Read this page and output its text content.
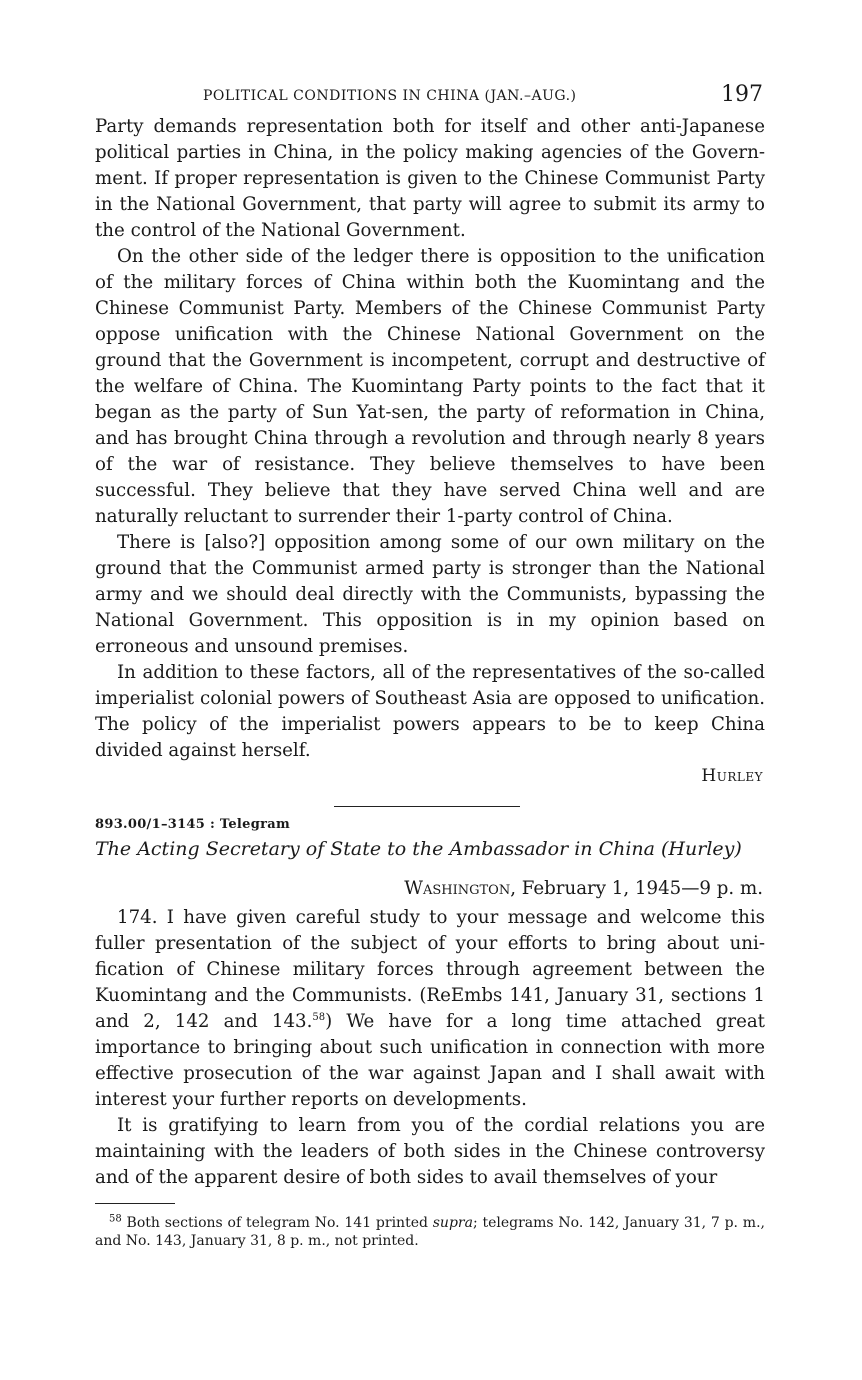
POLITICAL CONDITIONS IN CHINA (JAN.–AUG.)	197

Party demands representation both for itself and other anti-Japanese political parties in China, in the policy making agencies of the Government. If proper representation is given to the Chinese Communist Party in the National Government, that party will agree to submit its army to the control of the National Government.

On the other side of the ledger there is opposition to the unification of the military forces of China within both the Kuomintang and the Chinese Communist Party. Members of the Chinese Communist Party oppose unification with the Chinese National Government on the ground that the Government is incompetent, corrupt and destructive of the welfare of China. The Kuomintang Party points to the fact that it began as the party of Sun Yat-sen, the party of reformation in China, and has brought China through a revolution and through nearly 8 years of the war of resistance. They believe themselves to have been successful. They believe that they have served China well and are naturally reluctant to surrender their 1-party control of China.

There is [also?] opposition among some of our own military on the ground that the Communist armed party is stronger than the National army and we should deal directly with the Communists, bypassing the National Government. This opposition is in my opinion based on erroneous and unsound premises.

In addition to these factors, all of the representatives of the so-called imperialist colonial powers of Southeast Asia are opposed to unification. The policy of the imperialist powers appears to be to keep China divided against herself.

Hurley
893.00/1–3145 : Telegram
The Acting Secretary of State to the Ambassador in China (Hurley)
Washington, February 1, 1945—9 p. m.

174. I have given careful study to your message and welcome this fuller presentation of the subject of your efforts to bring about unification of Chinese military forces through agreement between the Kuomintang and the Communists. (ReEmbs 141, January 31, sections 1 and 2, 142 and 143.58) We have for a long time attached great importance to bringing about such unification in connection with more effective prosecution of the war against Japan and I shall await with interest your further reports on developments.

It is gratifying to learn from you of the cordial relations you are maintaining with the leaders of both sides in the Chinese controversy and of the apparent desire of both sides to avail themselves of your

$^{58}$ Both sections of telegram No. 141 printed supra; telegrams No. 142, January 31, 7 p. m., and No. 143, January 31, 8 p. m., not printed.
